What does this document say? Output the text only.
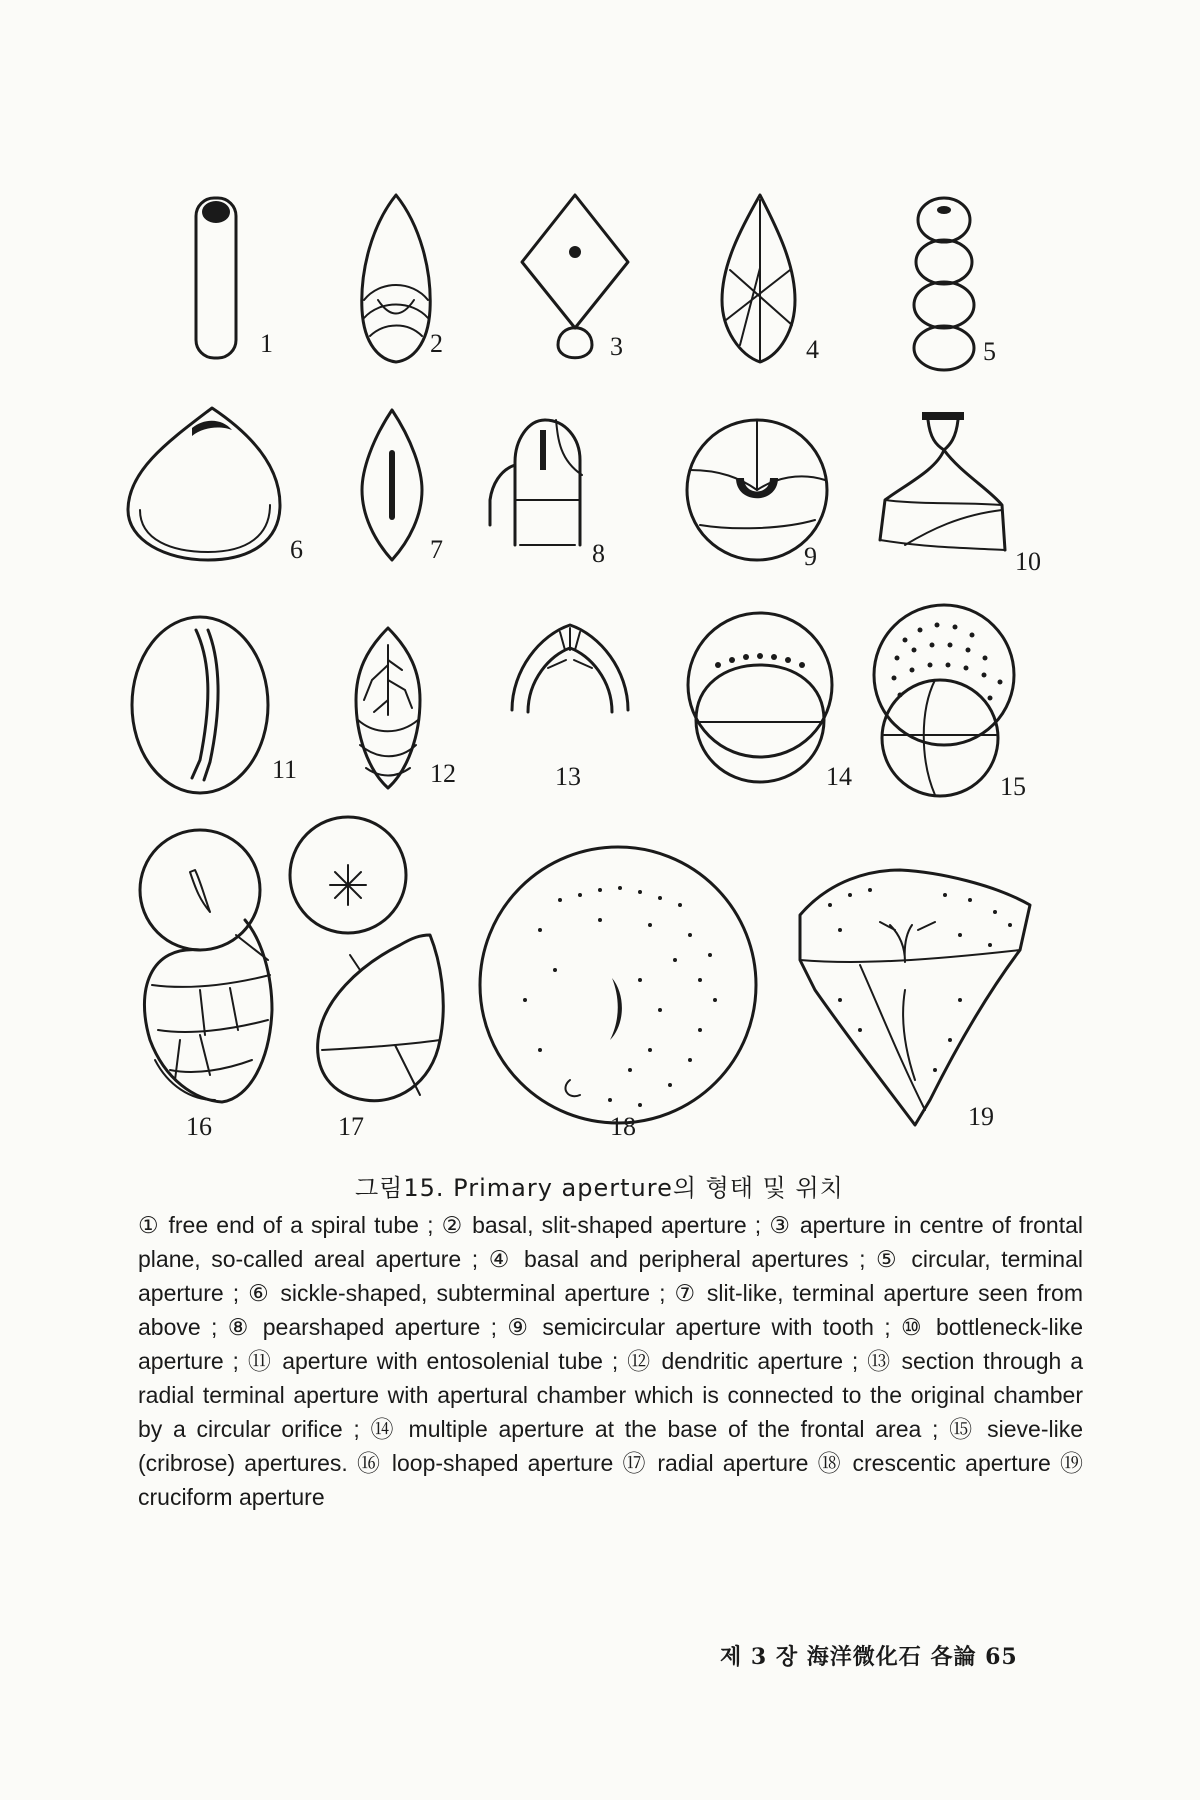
1	2	3	4	5
6	7	8	9	10
11	12	13	14	15
16	17	18	19
그림15. Primary aperture의 형태 및 위치
① free end of a spiral tube ; ② basal, slit-shaped aperture ; ③ aperture in centre of frontal plane, so-called areal aperture ; ④ basal and peripheral apertures ; ⑤ circular, terminal aperture ; ⑥ sickle-shaped, subterminal aperture ; ⑦ slit-like, terminal aperture seen from above ; ⑧ pearshaped aperture ; ⑨ semicircular aperture with tooth ; ⑩ bottleneck-like aperture ; ⑪ aperture with entosolenial tube ; ⑫ dendritic aperture ; ⑬ section through a radial terminal aperture with apertural chamber which is connected to the original chamber by a circular orifice ; ⑭ multiple aperture at the base of the frontal area ; ⑮ sieve-like (cribrose) apertures. ⑯ loop-shaped aperture ⑰ radial aperture ⑱ crescentic aperture ⑲ cruciform aperture
제 3 장 海洋微化石 各論 65
